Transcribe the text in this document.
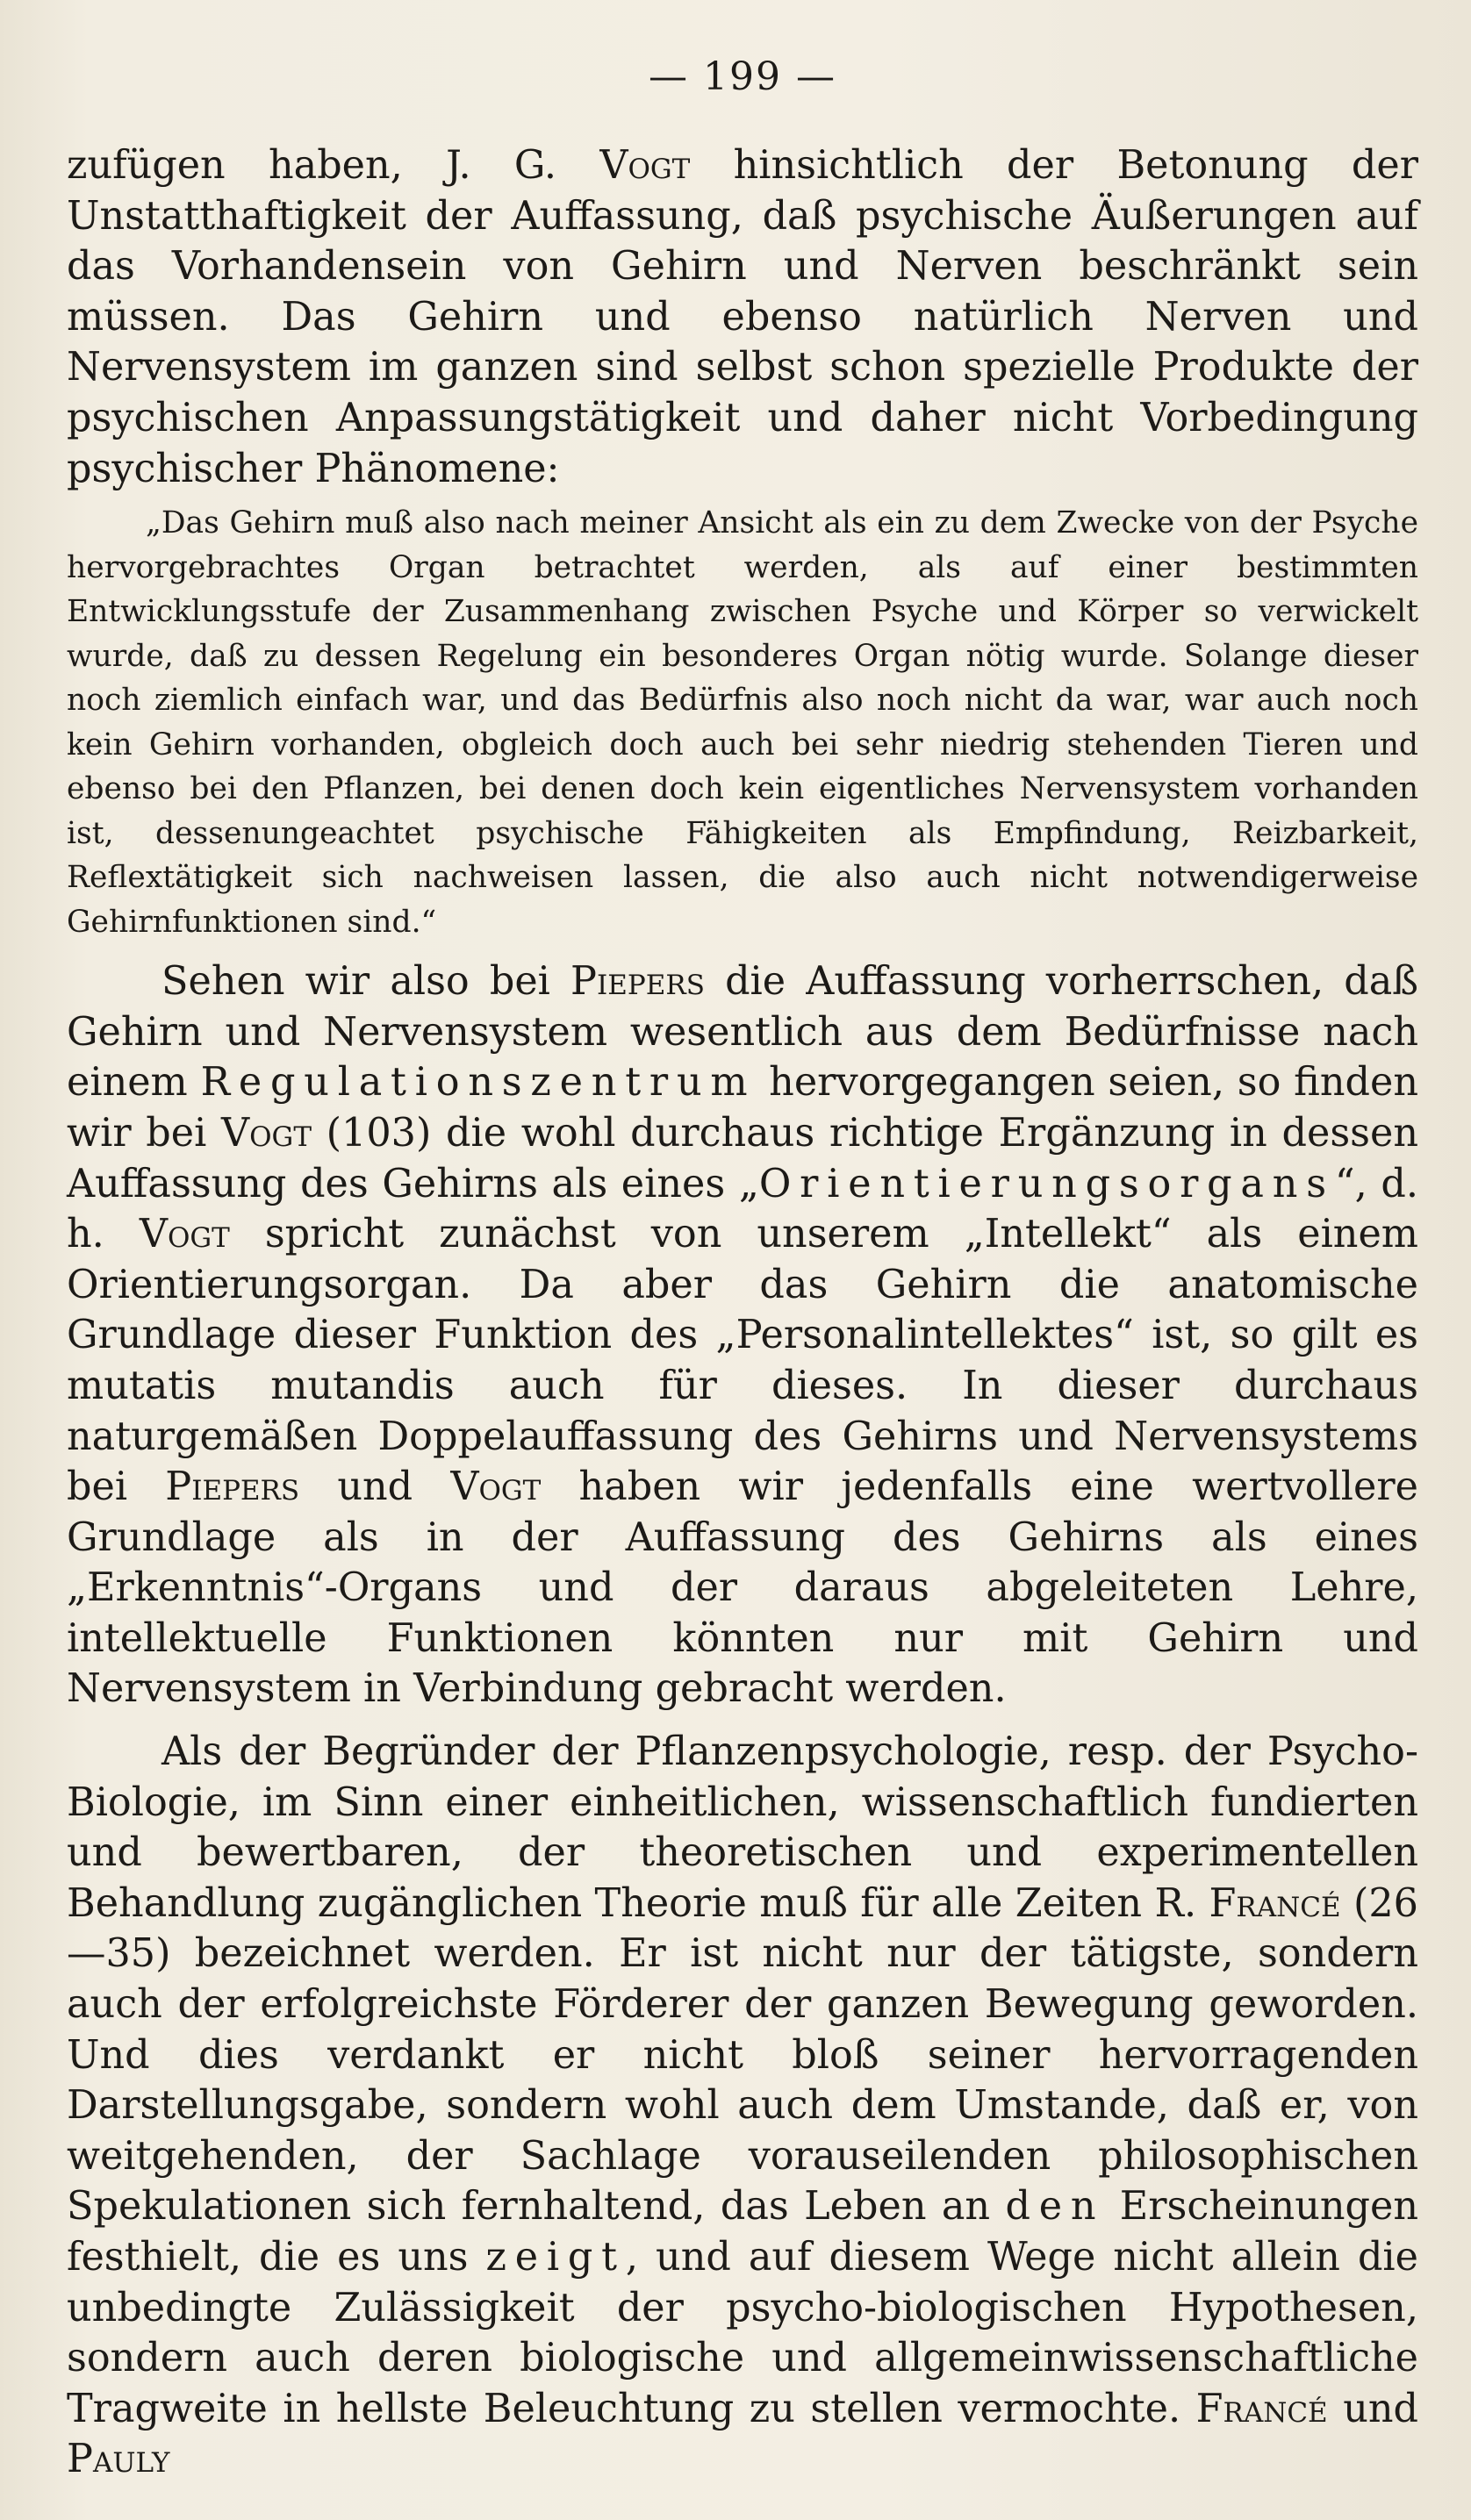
— 199 —

zufügen haben, J. G. Vogt hinsichtlich der Betonung der Unstatthaftigkeit der Auffassung, daß psychische Äußerungen auf das Vorhandensein von Gehirn und Nerven beschränkt sein müssen. Das Gehirn und ebenso natürlich Nerven und Nervensystem im ganzen sind selbst schon spezielle Produkte der psychischen Anpassungstätigkeit und daher nicht Vorbedingung psychischer Phänomene:

„Das Gehirn muß also nach meiner Ansicht als ein zu dem Zwecke von der Psyche hervorgebrachtes Organ betrachtet werden, als auf einer bestimmten Entwicklungsstufe der Zusammenhang zwischen Psyche und Körper so verwickelt wurde, daß zu dessen Regelung ein besonderes Organ nötig wurde. Solange dieser noch ziemlich einfach war, und das Bedürfnis also noch nicht da war, war auch noch kein Gehirn vorhanden, obgleich doch auch bei sehr niedrig stehenden Tieren und ebenso bei den Pflanzen, bei denen doch kein eigentliches Nervensystem vorhanden ist, dessenungeachtet psychische Fähigkeiten als Empfindung, Reizbarkeit, Reflextätigkeit sich nachweisen lassen, die also auch nicht notwendigerweise Gehirnfunktionen sind.“

Sehen wir also bei Piepers die Auffassung vorherrschen, daß Gehirn und Nervensystem wesentlich aus dem Bedürfnisse nach einem Regulationszentrum hervorgegangen seien, so finden wir bei Vogt (103) die wohl durchaus richtige Ergänzung in dessen Auffassung des Gehirns als eines „Orientierungsorgans“, d. h. Vogt spricht zunächst von unserem „Intellekt“ als einem Orientierungsorgan. Da aber das Gehirn die anatomische Grundlage dieser Funktion des „Personalintellektes“ ist, so gilt es mutatis mutandis auch für dieses. In dieser durchaus naturgemäßen Doppelauffassung des Gehirns und Nervensystems bei Piepers und Vogt haben wir jedenfalls eine wertvollere Grundlage als in der Auffassung des Gehirns als eines „Erkenntnis“-Organs und der daraus abgeleiteten Lehre, intellektuelle Funktionen könnten nur mit Gehirn und Nervensystem in Verbindung gebracht werden.

Als der Begründer der Pflanzenpsychologie, resp. der Psycho-Biologie, im Sinn einer einheitlichen, wissenschaftlich fundierten und bewertbaren, der theoretischen und experimentellen Behandlung zugänglichen Theorie muß für alle Zeiten R. Francé (26—35) bezeichnet werden. Er ist nicht nur der tätigste, sondern auch der erfolgreichste Förderer der ganzen Bewegung geworden. Und dies verdankt er nicht bloß seiner hervorragenden Darstellungsgabe, sondern wohl auch dem Umstande, daß er, von weitgehenden, der Sachlage vorauseilenden philosophischen Spekulationen sich fernhaltend, das Leben an den Erscheinungen festhielt, die es uns zeigt, und auf diesem Wege nicht allein die unbedingte Zulässigkeit der psycho-biologischen Hypothesen, sondern auch deren biologische und allgemeinwissenschaftliche Tragweite in hellste Beleuchtung zu stellen vermochte. Francé und Pauly
